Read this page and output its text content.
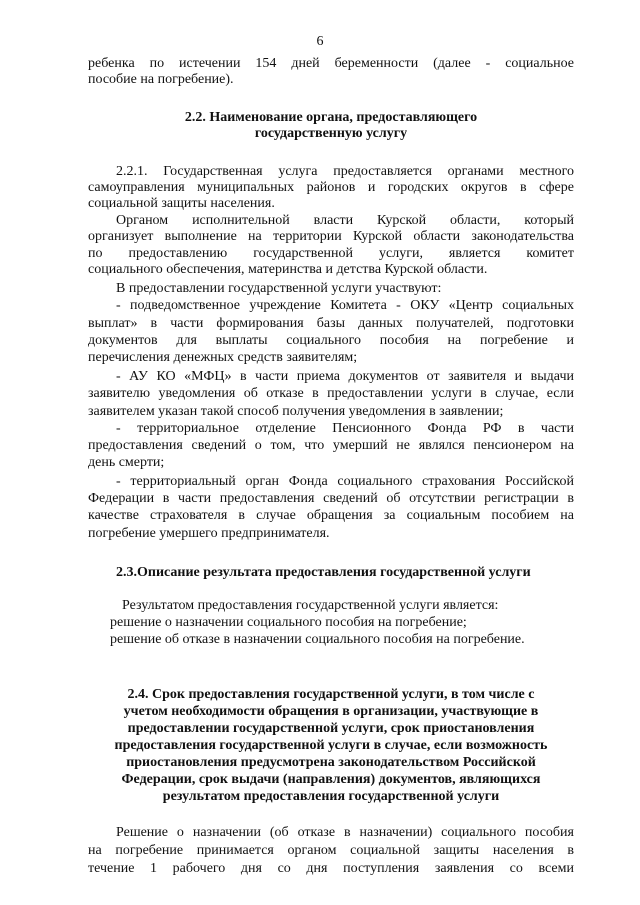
6
ребенка по истечении 154 дней беременности (далее - социальное
пособие на погребение).
2.2. Наименование органа, предоставляющего
государственную услугу
2.2.1. Государственная услуга предоставляется органами местного
самоуправления муниципальных районов и городских округов в сфере
социальной защиты населения.
Органом исполнительной власти Курской области, который
организует выполнение на территории Курской области законодательства
по предоставлению государственной услуги, является комитет
социального обеспечения, материнства и детства Курской области.
В предоставлении государственной услуги участвуют:
- подведомственное учреждение Комитета - ОКУ «Центр социальных
выплат» в части формирования базы данных получателей, подготовки
документов для выплаты социального пособия на погребение и
перечисления денежных средств заявителям;
- АУ КО «МФЦ» в части приема документов от заявителя и выдачи
заявителю уведомления об отказе в предоставлении услуги в случае, если
заявителем указан такой способ получения уведомления в заявлении;
- территориальное отделение Пенсионного Фонда РФ в части
предоставления сведений о том, что умерший не являлся пенсионером на
день смерти;
- территориальный орган Фонда социального страхования Российской
Федерации в части предоставления сведений об отсутствии регистрации в
качестве страхователя в случае обращения за социальным пособием на
погребение умершего предпринимателя.
2.3.Описание результата предоставления государственной услуги
Результатом предоставления государственной услуги является:
решение о назначении социального пособия на погребение;
решение об отказе в назначении социального пособия на погребение.
2.4. Срок предоставления государственной услуги, в том числе с
учетом необходимости обращения в организации, участвующие в
предоставлении государственной услуги, срок приостановления
предоставления государственной услуги в случае, если возможность
приостановления предусмотрена законодательством Российской
Федерации, срок выдачи (направления) документов, являющихся
результатом предоставления государственной услуги
Решение о назначении (об отказе в назначении) социального пособия
на погребение принимается органом социальной защиты населения в
течение 1 рабочего дня со дня поступления заявления со всеми
